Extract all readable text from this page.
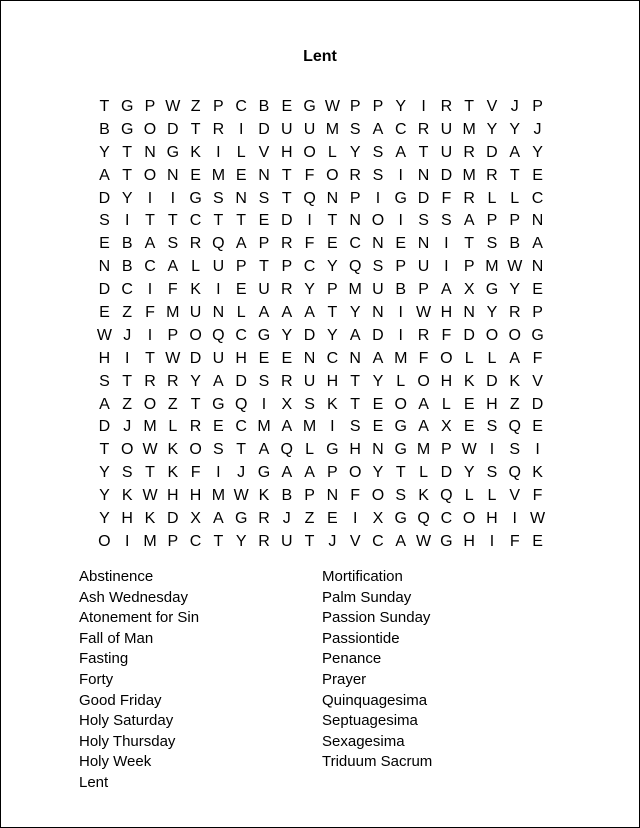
Lent
T G P W Z P C B E G W P P Y I R T V J P
B G O D T R I D U U M S A C R U M Y Y J
Y T N G K I	L V H O L Y S A T U R D A Y
A T O N E M E N T F O R S I N D M R T E
D Y I	I G S N S T Q N P I G D F R L L C
S I T T C T T E D I T N O I S S A P P N
E B A S R Q A P R F E C N E N I T S B A
N B C A L U P T P C Y Q S P U I P M W N
D C I F K I E U R Y P M U B P A X G Y E
E Z F M U N L A A A T Y N I W H N Y R P
W J	I P O Q C G Y D Y A D I R F D O O G
H I T W D U H E E N C N A M F O L L A F
S T R R Y A D S R U H T Y L O H K D K V
A Z O Z T G Q I X S K T E O A L E H Z D
D J M L R E C M A M I S E G A X E S Q E
T O W K O S T A Q L G H N G M P W I S I
Y S T K F I	J G A A P O Y T L D Y S Q K
Y K W H H M W K B P N F O S K Q L L V F
Y H K D X A G R J Z E I X G Q C O H I W
O I M P C T Y R U T J V C A W G H I F E
Abstinence
Ash Wednesday
Atonement for Sin
Fall of Man
Fasting
Forty
Good Friday
Holy Saturday
Holy Thursday
Holy Week
Lent
Mortification
Palm Sunday
Passion Sunday
Passiontide
Penance
Prayer
Quinquagesima
Septuagesima
Sexagesima
Triduum Sacrum
